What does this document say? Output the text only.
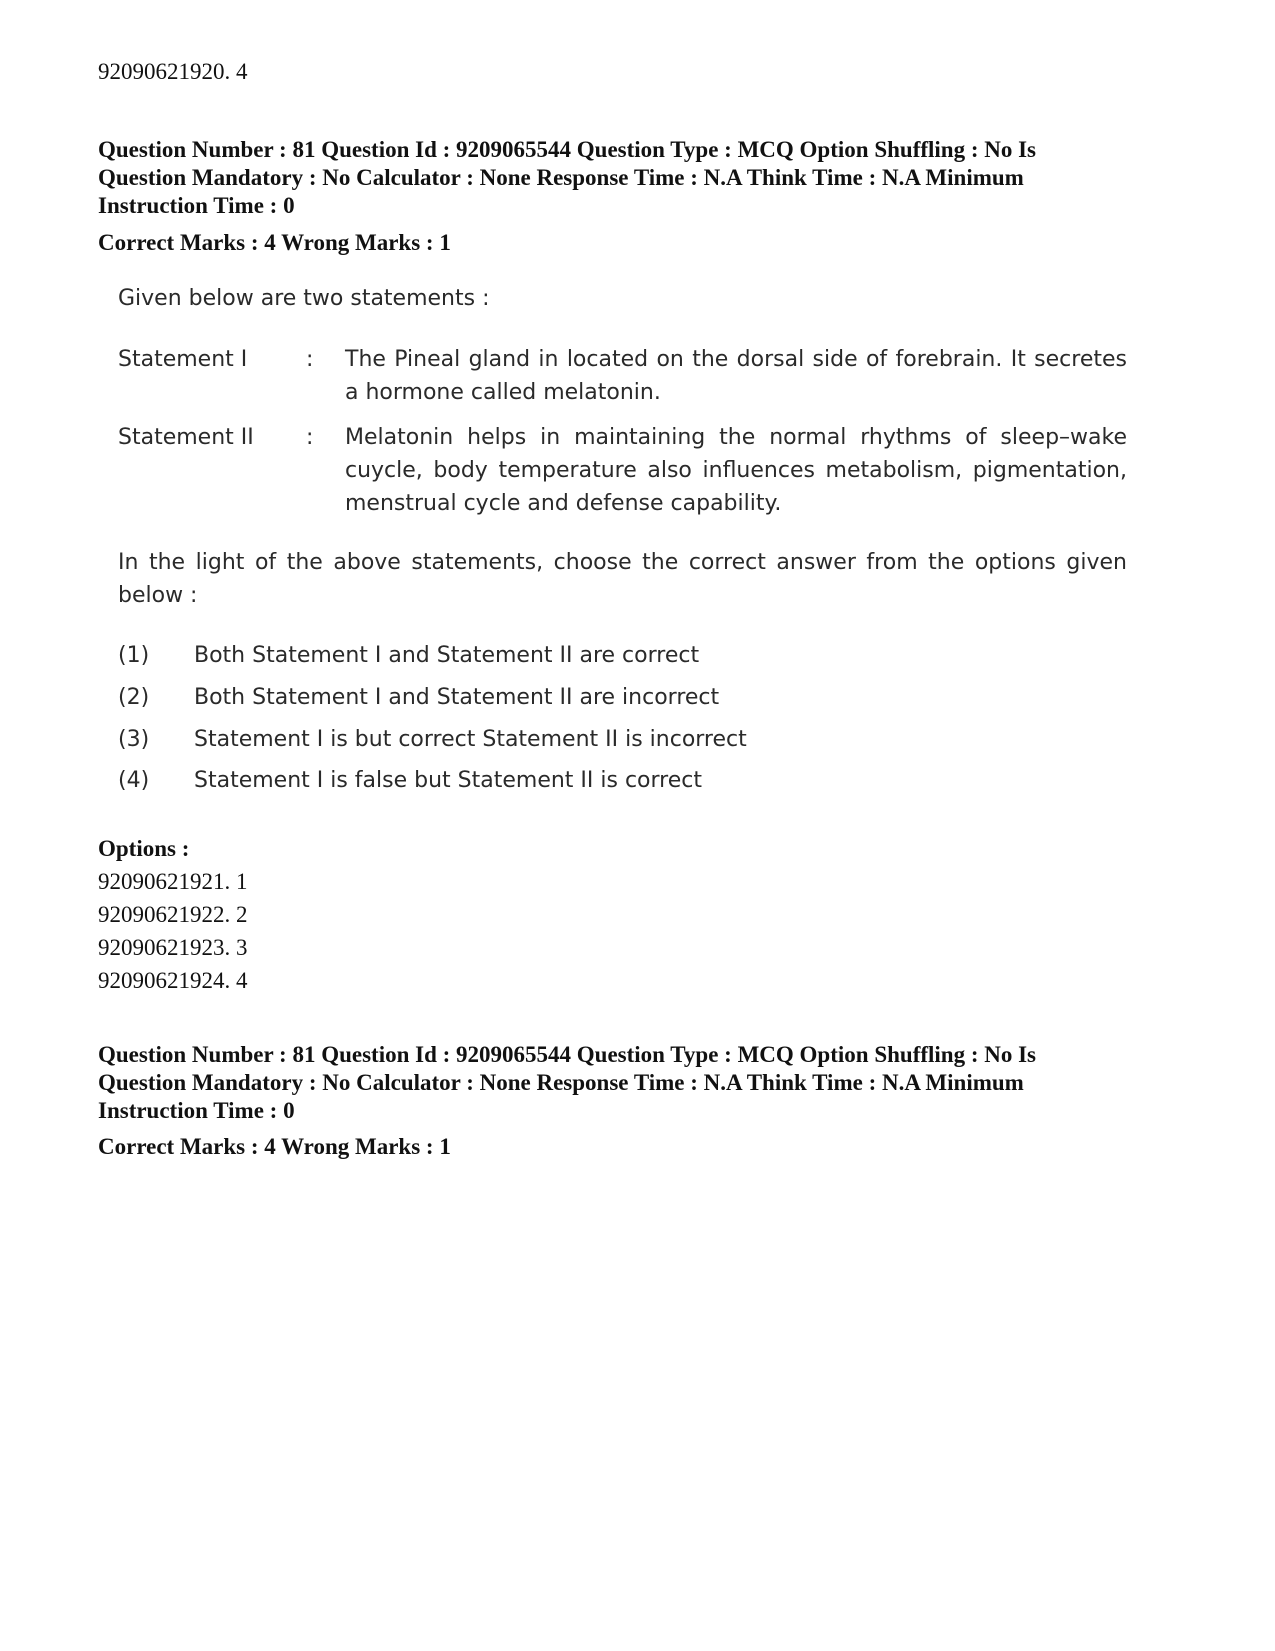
92090621920. 4
Question Number : 81 Question Id : 9209065544 Question Type : MCQ Option Shuffling : No Is Question Mandatory : No Calculator : None Response Time : N.A Think Time : N.A Minimum Instruction Time : 0
Correct Marks : 4 Wrong Marks : 1
Given below are two statements :
Statement I	: The Pineal gland in located on the dorsal side of forebrain. It secretes a hormone called melatonin.
Statement II : Melatonin helps in maintaining the normal rhythms of sleep–wake cuycle, body temperature also influences metabolism, pigmentation, menstrual cycle and defense capability.
In the light of the above statements, choose the correct answer from the options given below :
(1) Both Statement I and Statement II are correct
(2) Both Statement I and Statement II are incorrect
(3) Statement I is but correct Statement II is incorrect
(4) Statement I is false but Statement II is correct
Options :
92090621921. 1
92090621922. 2
92090621923. 3
92090621924. 4
Question Number : 81 Question Id : 9209065544 Question Type : MCQ Option Shuffling : No Is Question Mandatory : No Calculator : None Response Time : N.A Think Time : N.A Minimum Instruction Time : 0
Correct Marks : 4 Wrong Marks : 1
